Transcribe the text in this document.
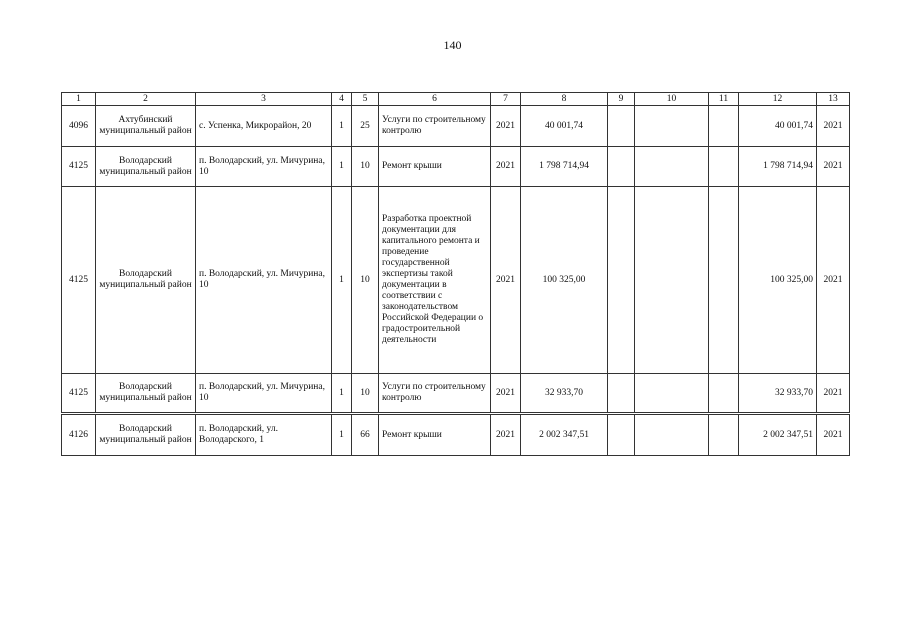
140
1	2	3	4	5	6	7	8	9	10	11	12	13
4096	Ахтубинский муниципальный район	с. Успенка, Микрорайон, 20	1	25	Услуги по строительному контролю	2021	40 001,74				40 001,74	2021
4125	Володарский муниципальный район	п. Володарский, ул. Мичурина, 10	1	10	Ремонт крыши	2021	1 798 714,94				1 798 714,94	2021
4125	Володарский муниципальный район	п. Володарский, ул. Мичурина, 10	1	10	Разработка проектной документации для капитального ремонта и проведение государственной экспертизы такой документации в соответствии с законодательством Российской Федерации о градостроительной деятельности	2021	100 325,00				100 325,00	2021
4125	Володарский муниципальный район	п. Володарский, ул. Мичурина, 10	1	10	Услуги по строительному контролю	2021	32 933,70				32 933,70	2021
4126	Володарский муниципальный район	п. Володарский, ул. Володарского, 1	1	66	Ремонт крыши	2021	2 002 347,51				2 002 347,51	2021
